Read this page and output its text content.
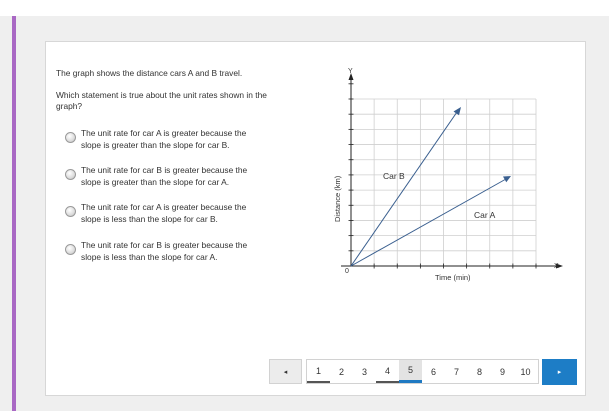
The graph shows the distance cars A and B travel.
Which statement is true about the unit rates shown in the
graph?
The unit rate for car A is greater because the
slope is greater than the slope for car B.
The unit rate for car B is greater because the
slope is greater than the slope for car A.
The unit rate for car A is greater because the
slope is less than the slope for car B.
The unit rate for car B is greater because the
slope is less than the slope for car A.
Y
X
0
Time (min)
Distance (km)	Car B
Car A
◂	1	2	3	4	5	6	7	8	9	10	▸
